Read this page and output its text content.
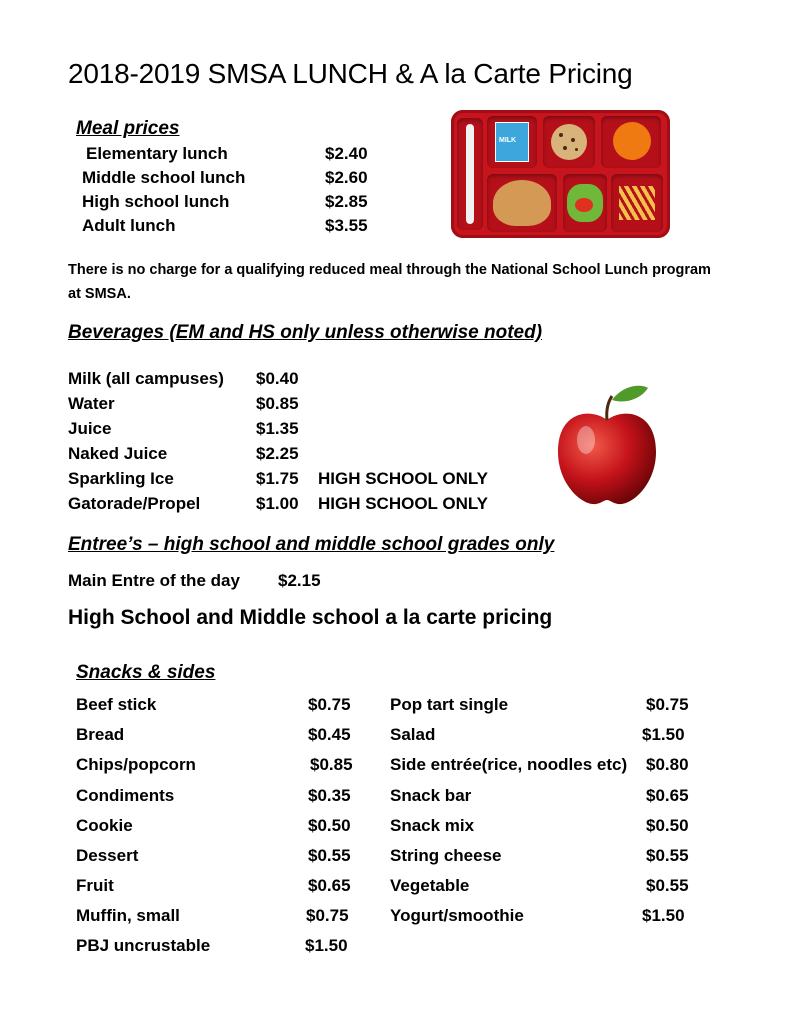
2018-2019 SMSA LUNCH & A la Carte Pricing
Meal prices
Elementary lunch	$2.40
Middle school lunch	$2.60
High school lunch	$2.85
Adult lunch	$3.55
MILK
There is no charge for a qualifying reduced meal through the National School Lunch program at SMSA.
Beverages (EM and HS only unless otherwise noted)
Milk (all campuses) $0.40
Water	$0.85
Juice	$1.35
Naked Juice	$2.25
Sparkling Ice	$1.75 HIGH SCHOOL ONLY
Gatorade/Propel	$1.00 HIGH SCHOOL ONLY
Entree’s – high school and middle school grades only
Main Entre of the day $2.15
High School and Middle school a la carte pricing
Snacks & sides
Beef stick	$0.75
Bread	$0.45
Chips/popcorn	$0.85
Condiments	$0.35
Cookie	$0.50
Dessert	$0.55
Fruit	$0.65
Muffin, small	$0.75
PBJ uncrustable	$1.50
Pop tart single	$0.75
Salad	$1.50
Side entrée(rice, noodles etc) $0.80
Snack bar	$0.65
Snack mix	$0.50
String cheese	$0.55
Vegetable	$0.55
Yogurt/smoothie	$1.50
